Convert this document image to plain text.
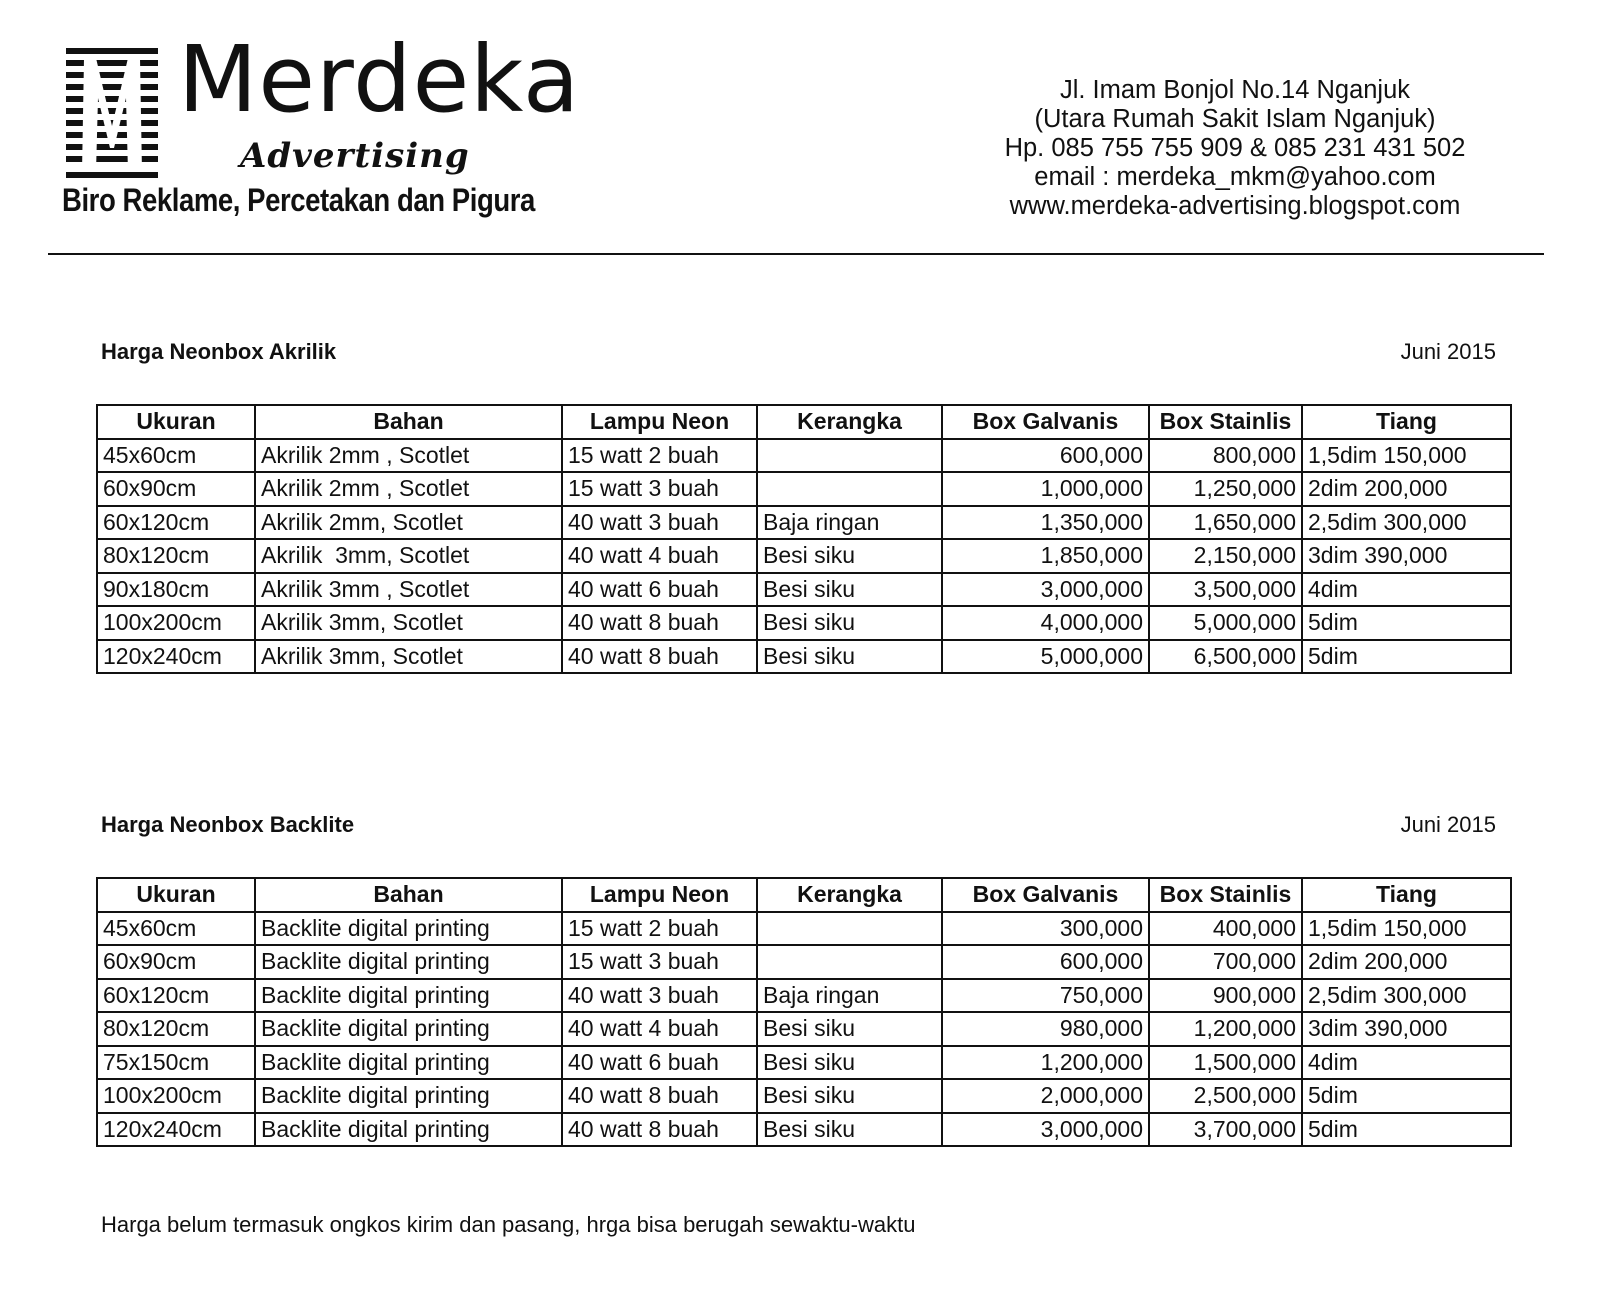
Merdeka
Advertising
Biro Reklame, Percetakan dan Pigura
Jl. Imam Bonjol No.14 Nganjuk
(Utara Rumah Sakit Islam Nganjuk)
Hp. 085 755 755 909 & 085 231 431 502
email : merdeka_mkm@yahoo.com
www.merdeka-advertising.blogspot.com
Harga Neonbox Akrilik	Juni 2015
Ukuran	Bahan	Lampu Neon	Kerangka	Box Galvanis	Box Stainlis	Tiang
45x60cm	Akrilik 2mm , Scotlet	15 watt 2 buah		600,000	800,000	1,5dim 150,000
60x90cm	Akrilik 2mm , Scotlet	15 watt 3 buah		1,000,000	1,250,000	2dim 200,000
60x120cm	Akrilik 2mm, Scotlet	40 watt 3 buah	Baja ringan	1,350,000	1,650,000	2,5dim 300,000
80x120cm	Akrilik  3mm, Scotlet	40 watt 4 buah	Besi siku	1,850,000	2,150,000	3dim 390,000
90x180cm	Akrilik 3mm , Scotlet	40 watt 6 buah	Besi siku	3,000,000	3,500,000	4dim
100x200cm	Akrilik 3mm, Scotlet	40 watt 8 buah	Besi siku	4,000,000	5,000,000	5dim
120x240cm	Akrilik 3mm, Scotlet	40 watt 8 buah	Besi siku	5,000,000	6,500,000	5dim
Harga Neonbox Backlite	Juni 2015
Ukuran	Bahan	Lampu Neon	Kerangka	Box Galvanis	Box Stainlis	Tiang
45x60cm	Backlite digital printing	15 watt 2 buah		300,000	400,000	1,5dim 150,000
60x90cm	Backlite digital printing	15 watt 3 buah		600,000	700,000	2dim 200,000
60x120cm	Backlite digital printing	40 watt 3 buah	Baja ringan	750,000	900,000	2,5dim 300,000
80x120cm	Backlite digital printing	40 watt 4 buah	Besi siku	980,000	1,200,000	3dim 390,000
75x150cm	Backlite digital printing	40 watt 6 buah	Besi siku	1,200,000	1,500,000	4dim
100x200cm	Backlite digital printing	40 watt 8 buah	Besi siku	2,000,000	2,500,000	5dim
120x240cm	Backlite digital printing	40 watt 8 buah	Besi siku	3,000,000	3,700,000	5dim
Harga belum termasuk ongkos kirim dan pasang, hrga bisa berugah sewaktu-waktu
